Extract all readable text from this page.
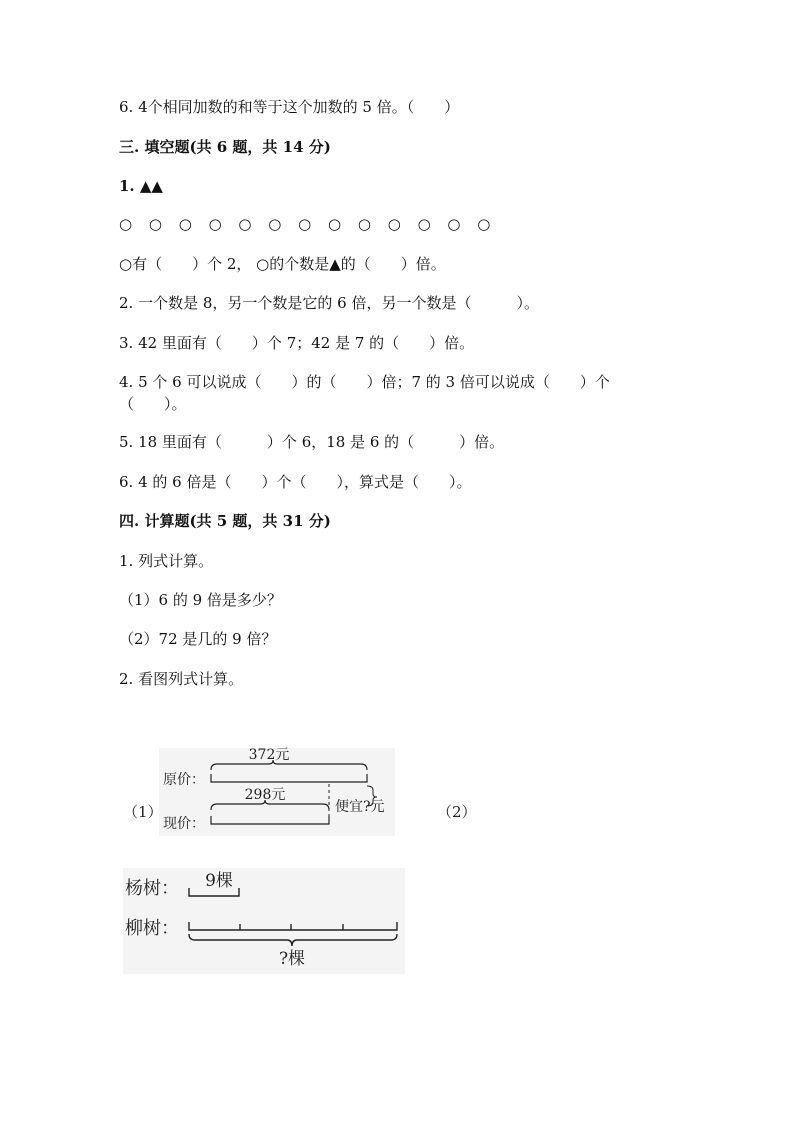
6. 4个相同加数的和等于这个加数的 5 倍。（　　）
三. 填空题(共 6 题，共 14 分)
1. ▲▲
○ ○ ○ ○ ○ ○ ○ ○ ○ ○ ○ ○ ○
○有（　　）个 2， ○的个数是▲的（　　）倍。
2. 一个数是 8，另一个数是它的 6 倍，另一个数是（　　　）。
3. 42 里面有（　　）个 7；42 是 7 的（　　）倍。
4. 5 个 6 可以说成（　　）的（　　）倍；7 的 3 倍可以说成（　　）个
（　　）。
5. 18 里面有（　　　）个 6，18 是 6 的（　　　）倍。
6. 4 的 6 倍是（　　）个（　　），算式是（　　）。
四. 计算题(共 5 题，共 31 分)
1. 列式计算。
（1）6 的 9 倍是多少？
（2）72 是几的 9 倍？
2. 看图列式计算。
（1）
原价：
现价：
372元
298元
便宜?元	（2）
杨树：
柳树：
9棵
?棵
